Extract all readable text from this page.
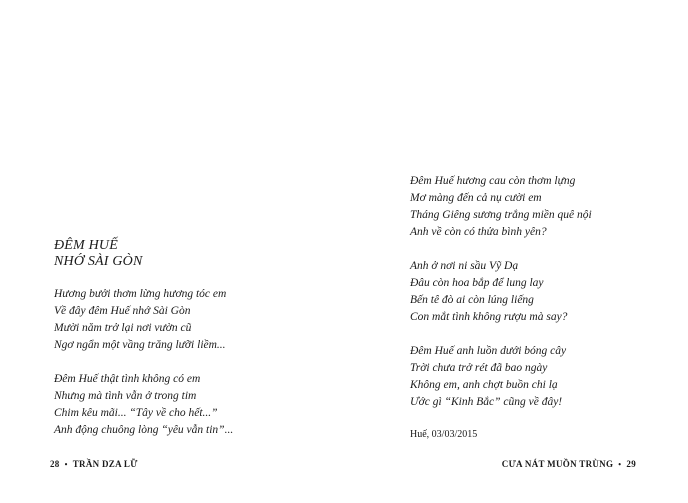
ĐÊM HUẾ
NHỚ SÀI GÒN
Hương bưởi thơm lừng hương tóc em
Về đây đêm Huế nhớ Sài Gòn
Mười năm trở lại nơi vườn cũ
Ngơ ngẩn một vầng trăng lưỡi liềm...
Đêm Huế thật tình không có em
Nhưng mà tình vẫn ở trong tim
Chim kêu mãi... “Tây về cho hết...”
Anh động chuông lòng “yêu vẫn tin”...
28 • TRẦN DZA LỮ
Đêm Huế hương cau còn thơm lựng
Mơ màng đến cả nụ cười em
Tháng Giêng sương trắng miền quê nội
Anh về còn có thửa bình yên?
Anh ở nơi ni sầu Vỹ Dạ
Đâu còn hoa bắp để lung lay
Bến tê đò ai còn lúng liếng
Con mắt tình không rượu mà say?
Đêm Huế anh luồn dưới bóng cây
Trời chưa trở rét đã bao ngày
Không em, anh chợt buồn chi lạ
Ước gì “Kinh Bắc” cũng về đây!
Huế, 03/03/2015
CƯA NÁT MUỒN TRÙNG • 29
